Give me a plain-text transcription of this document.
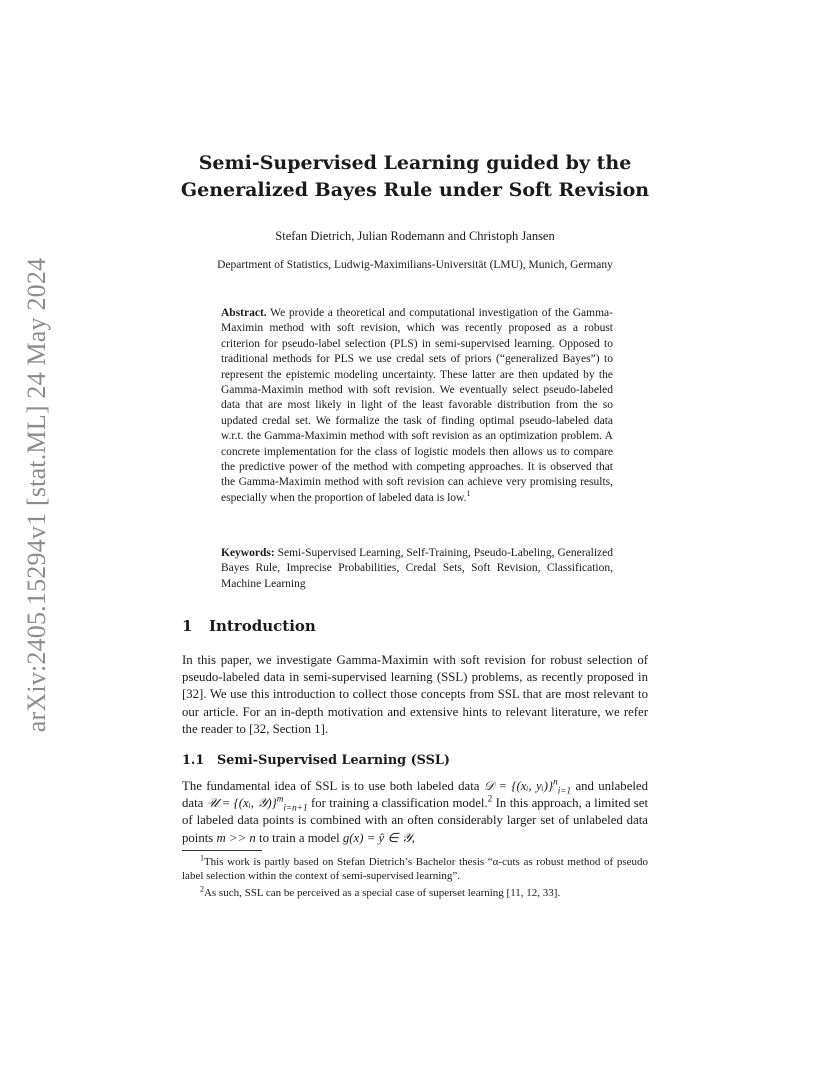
arXiv:2405.15294v1 [stat.ML] 24 May 2024
Semi-Supervised Learning guided by the
Generalized Bayes Rule under Soft Revision
Stefan Dietrich, Julian Rodemann and Christoph Jansen
Department of Statistics, Ludwig-Maximilians-Universität (LMU), Munich, Germany
Abstract. We provide a theoretical and computational investigation of the Gamma-Maximin method with soft revision, which was recently proposed as a robust criterion for pseudo-label selection (PLS) in semi-supervised learning. Opposed to traditional methods for PLS we use credal sets of priors (“generalized Bayes”) to represent the epistemic modeling uncertainty. These latter are then updated by the Gamma-Maximin method with soft revision. We eventually select pseudo-labeled data that are most likely in light of the least favorable distribution from the so updated credal set. We formalize the task of finding optimal pseudo-labeled data w.r.t. the Gamma-Maximin method with soft revision as an optimization problem. A concrete implementation for the class of logistic models then allows us to compare the predictive power of the method with competing approaches. It is observed that the Gamma-Maximin method with soft revision can achieve very promising results, especially when the proportion of labeled data is low.$^1$
Keywords: Semi-Supervised Learning, Self-Training, Pseudo-Labeling, Generalized Bayes Rule, Imprecise Probabilities, Credal Sets, Soft Revision, Classification, Machine Learning
1 Introduction
In this paper, we investigate Gamma-Maximin with soft revision for robust selection of pseudo-labeled data in semi-supervised learning (SSL) problems, as recently proposed in [32]. We use this introduction to collect those concepts from SSL that are most relevant to our article. For an in-depth motivation and extensive hints to relevant literature, we refer the reader to [32, Section 1].
1.1 Semi-Supervised Learning (SSL)
The fundamental idea of SSL is to use both labeled data 𝒟 = {(xᵢ, yᵢ)}$^n_{i=1}$ and unlabeled data 𝒰 = {(xᵢ, 𝒴)}$^m_{i=n+1}$ for training a classification model.$^2$ In this approach, a limited set of labeled data points is combined with an often considerably larger set of unlabeled data points m >> n to train a model g(x) = ŷ ∈ 𝒴,
$^1$This work is partly based on Stefan Dietrich’s Bachelor thesis “α-cuts as robust method of pseudo label selection within the context of semi-supervised learning”.
$^2$As such, SSL can be perceived as a special case of superset learning [11, 12, 33].
